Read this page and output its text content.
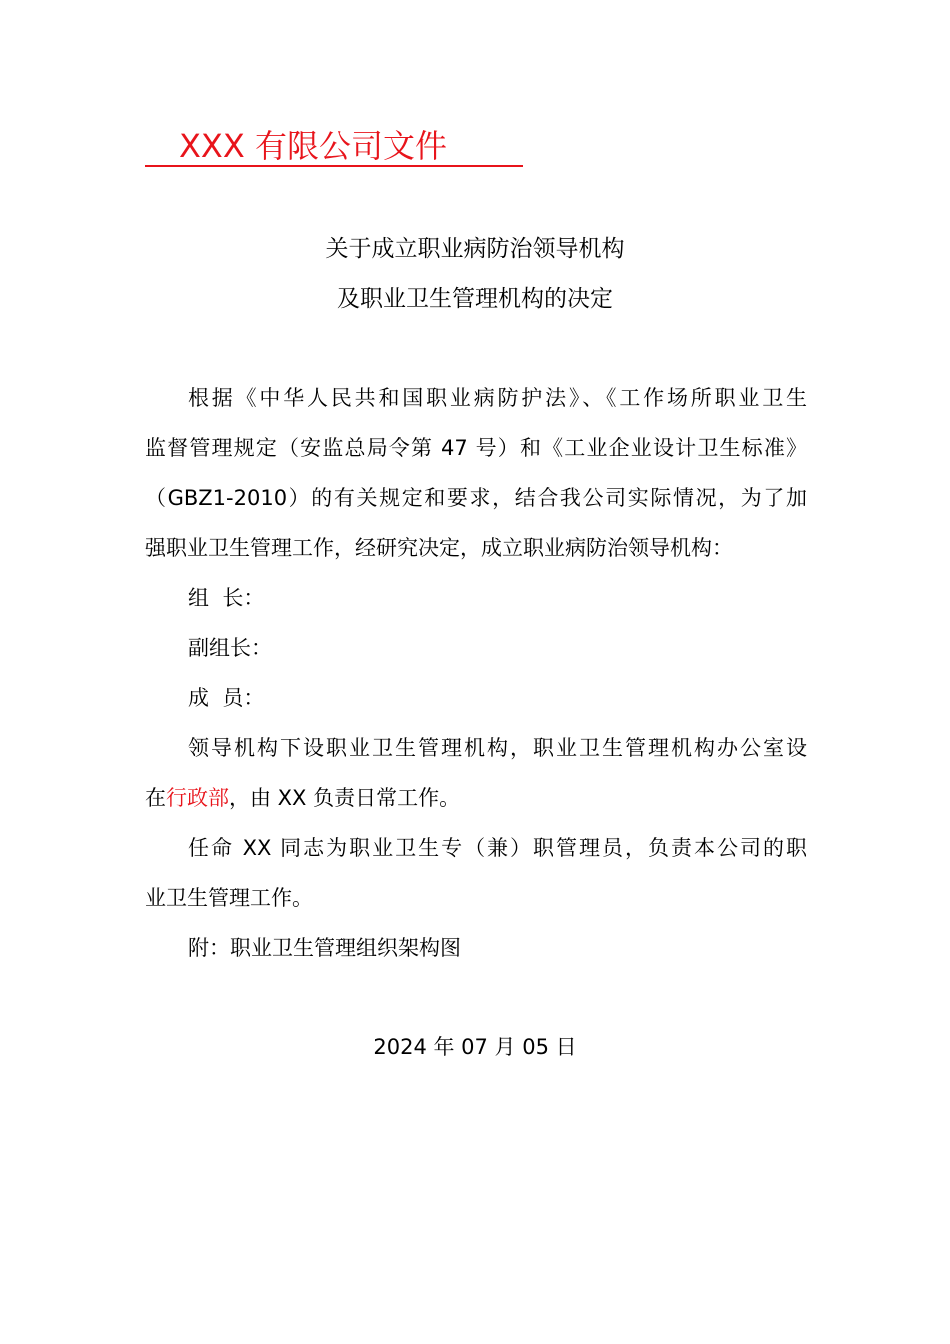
XXX 有限公司文件
关于成立职业病防治领导机构
及职业卫生管理机构的决定
根据《中华人民共和国职业病防护法》、《工作场所职业卫生
监督管理规定（安监总局令第 47 号）和《工业企业设计卫生标准》
（GBZ1-2010）的有关规定和要求，结合我公司实际情况，为了加
强职业卫生管理工作，经研究决定，成立职业病防治领导机构：
组  长：
副组长：
成  员：
领导机构下设职业卫生管理机构，职业卫生管理机构办公室设
在行政部，由 XX 负责日常工作。
任命 XX 同志为职业卫生专（兼）职管理员，负责本公司的职
业卫生管理工作。
附：职业卫生管理组织架构图
2024 年 07 月 05 日
